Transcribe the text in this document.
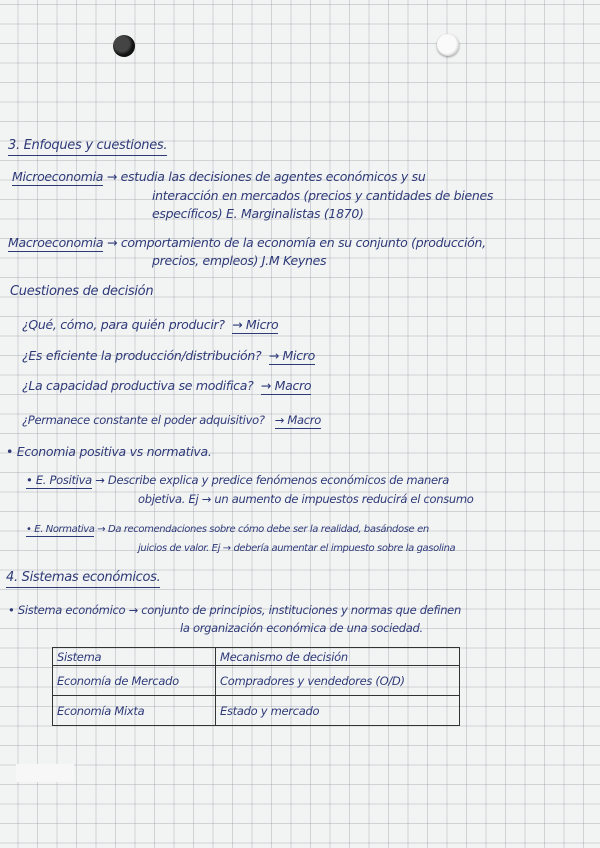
3. Enfoques y cuestiones.
Microeconomia → estudia las decisiones de agentes económicos y su
interacción en mercados (precios y cantidades de bienes
específicos) E. Marginalistas (1870)
Macroeconomia → comportamiento de la economía en su conjunto (producción,
precios, empleos) J.M Keynes
Cuestiones de decisión
¿Qué, cómo, para quién producir? → Micro
¿Es eficiente la producción/distribución? → Micro
¿La capacidad productiva se modifica? → Macro
¿Permanece constante el poder adquisitivo? → Macro
• Economia positiva vs normativa.
• E. Positiva → Describe explica y predice fenómenos económicos de manera
objetiva. Ej → un aumento de impuestos reducirá el consumo
• E. Normativa → Da recomendaciones sobre cómo debe ser la realidad, basándose en
juicios de valor. Ej → debería aumentar el impuesto sobre la gasolina
4. Sistemas económicos.
• Sistema económico → conjunto de principios, instituciones y normas que definen
la organización económica de una sociedad.
Sistema	Mecanismo de decisión
Economía de Mercado	Compradores y vendedores (O/D)
Economía Mixta	Estado y mercado
